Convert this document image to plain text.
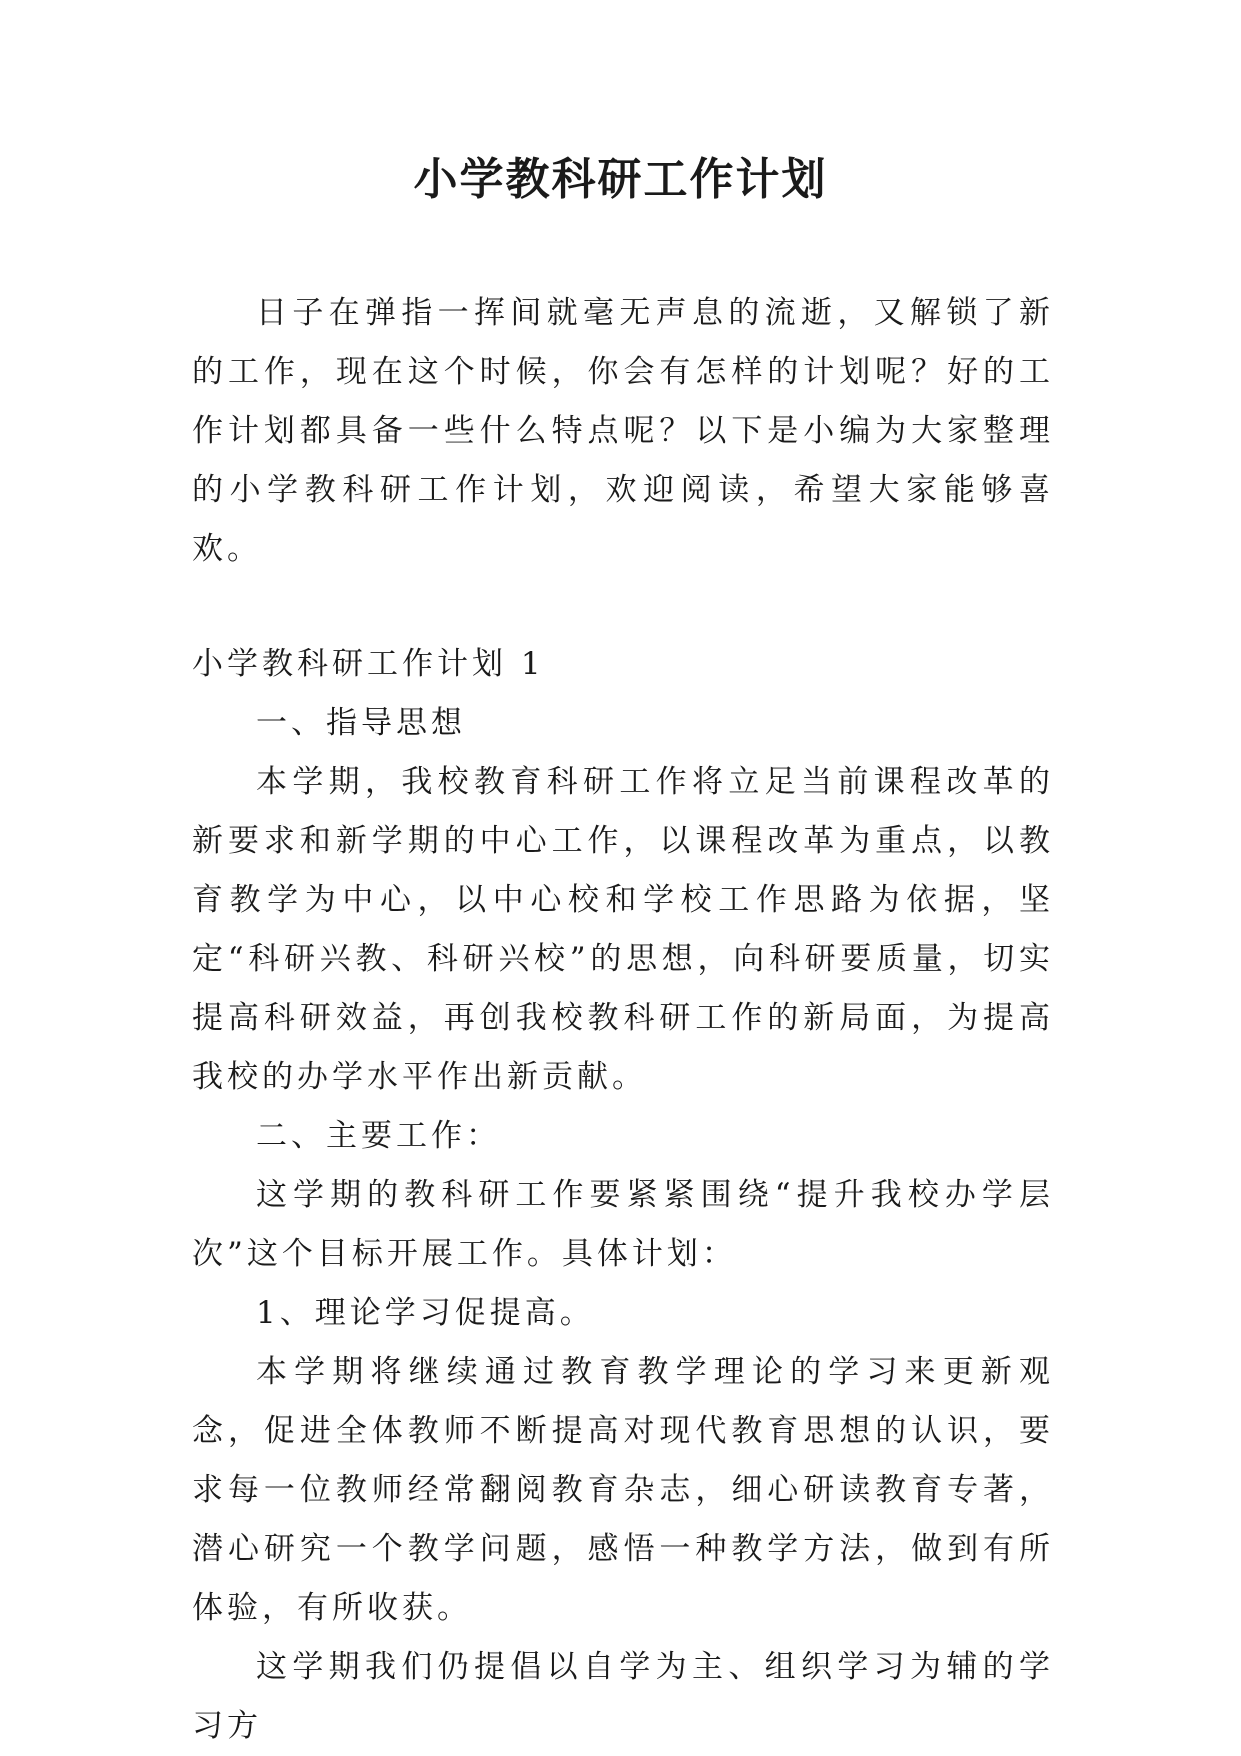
小学教科研工作计划

日子在弹指一挥间就毫无声息的流逝，又解锁了新的工作，现在这个时候，你会有怎样的计划呢？好的工作计划都具备一些什么特点呢？以下是小编为大家整理的小学教科研工作计划，欢迎阅读，希望大家能够喜欢。

小学教科研工作计划 1

一、指导思想

本学期，我校教育科研工作将立足当前课程改革的新要求和新学期的中心工作，以课程改革为重点，以教育教学为中心，以中心校和学校工作思路为依据，坚定“科研兴教、科研兴校”的思想，向科研要质量，切实提高科研效益，再创我校教科研工作的新局面，为提高我校的办学水平作出新贡献。

二、主要工作：

这学期的教科研工作要紧紧围绕“提升我校办学层次”这个目标开展工作。具体计划：

1、理论学习促提高。

本学期将继续通过教育教学理论的学习来更新观念，促进全体教师不断提高对现代教育思想的认识，要求每一位教师经常翻阅教育杂志，细心研读教育专著，潜心研究一个教学问题，感悟一种教学方法，做到有所体验，有所收获。

这学期我们仍提倡以自学为主、组织学习为辅的学习方
